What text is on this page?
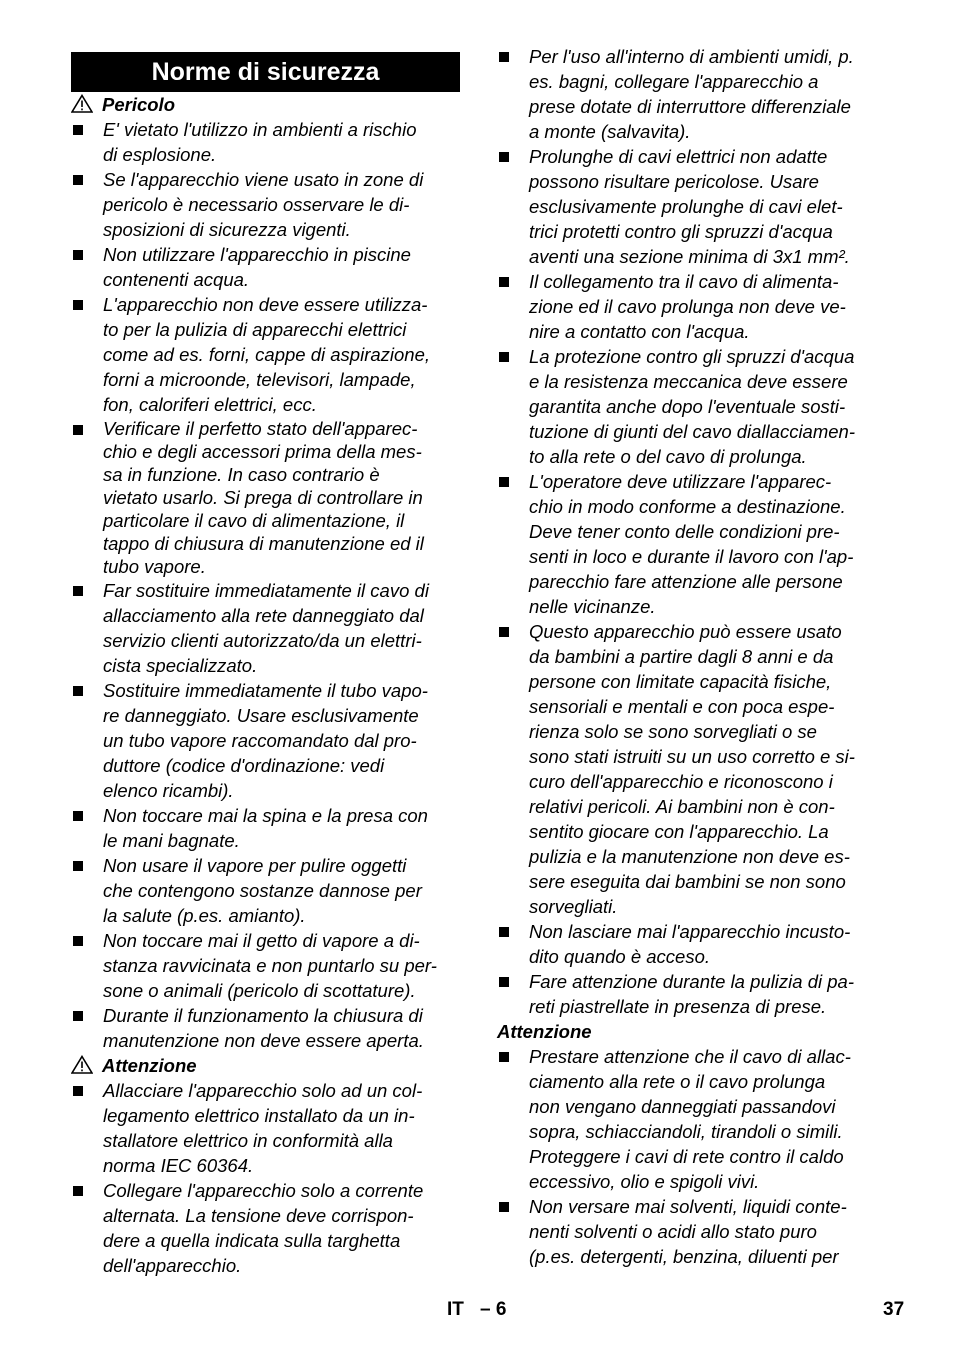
Norme di sicurezza
Pericolo
E' vietato l'utilizzo in ambienti a rischio
di esplosione.
Se l'apparecchio viene usato in zone di
pericolo è necessario osservare le di-
sposizioni di sicurezza vigenti.
Non utilizzare l'apparecchio in piscine
contenenti acqua.
L'apparecchio non deve essere utilizza-
to per la pulizia di apparecchi elettrici
come ad es. forni, cappe di aspirazione,
forni a microonde, televisori, lampade,
fon, caloriferi elettrici, ecc.
Verificare il perfetto stato dell'apparec-
chio e degli accessori prima della mes-
sa in funzione. In caso contrario è
vietato usarlo. Si prega di controllare in
particolare il cavo di alimentazione, il
tappo di chiusura di manutenzione ed il
tubo vapore.
Far sostituire immediatamente il cavo di
allacciamento alla rete danneggiato dal
servizio clienti autorizzato/da un elettri-
cista specializzato.
Sostituire immediatamente il tubo vapo-
re danneggiato. Usare esclusivamente
un tubo vapore raccomandato dal pro-
duttore (codice d'ordinazione: vedi
elenco ricambi).
Non toccare mai la spina e la presa con
le mani bagnate.
Non usare il vapore per pulire oggetti
che contengono sostanze dannose per
la salute (p.es. amianto).
Non toccare mai il getto di vapore a di-
stanza ravvicinata e non puntarlo su per-
sone o animali (pericolo di scottature).
Durante il funzionamento la chiusura di
manutenzione non deve essere aperta.
Attenzione
Allacciare l'apparecchio solo ad un col-
legamento elettrico installato da un in-
stallatore elettrico in conformità alla
norma IEC 60364.
Collegare l'apparecchio solo a corrente
alternata. La tensione deve corrispon-
dere a quella indicata sulla targhetta
dell'apparecchio.
Per l'uso all'interno di ambienti umidi, p.
es. bagni, collegare l'apparecchio a
prese dotate di interruttore differenziale
a monte (salvavita).
Prolunghe di cavi elettrici non adatte
possono risultare pericolose. Usare
esclusivamente prolunghe di cavi elet-
trici protetti contro gli spruzzi d'acqua
aventi una sezione minima di 3x1 mm².
Il collegamento tra il cavo di alimenta-
zione ed il cavo prolunga non deve ve-
nire a contatto con l'acqua.
La protezione contro gli spruzzi d'acqua
e la resistenza meccanica deve essere
garantita anche dopo l'eventuale sosti-
tuzione di giunti del cavo diallacciamen-
to alla rete o del cavo di prolunga.
L'operatore deve utilizzare l'apparec-
chio in modo conforme a destinazione.
Deve tener conto delle condizioni pre-
senti in loco e durante il lavoro con l'ap-
parecchio fare attenzione alle persone
nelle vicinanze.
Questo apparecchio può essere usato
da bambini a partire dagli 8 anni e da
persone con limitate capacità fisiche,
sensoriali e mentali e con poca espe-
rienza solo se sono sorvegliati o se
sono stati istruiti su un uso corretto e si-
curo dell'apparecchio e riconoscono i
relativi pericoli. Ai bambini non è con-
sentito giocare con l'apparecchio. La
pulizia e la manutenzione non deve es-
sere eseguita dai bambini se non sono
sorvegliati.
Non lasciare mai l'apparecchio incusto-
dito quando è acceso.
Fare attenzione durante la pulizia di pa-
reti piastrellate in presenza di prese.
Attenzione
Prestare attenzione che il cavo di allac-
ciamento alla rete o il cavo prolunga
non vengano danneggiati passandovi
sopra, schiacciandoli, tirandoli o simili.
Proteggere i cavi di rete contro il caldo
eccessivo, olio e spigoli vivi.
Non versare mai solventi, liquidi conte-
nenti solventi o acidi allo stato puro
(p.es. detergenti, benzina, diluenti per
IT – 6	37
